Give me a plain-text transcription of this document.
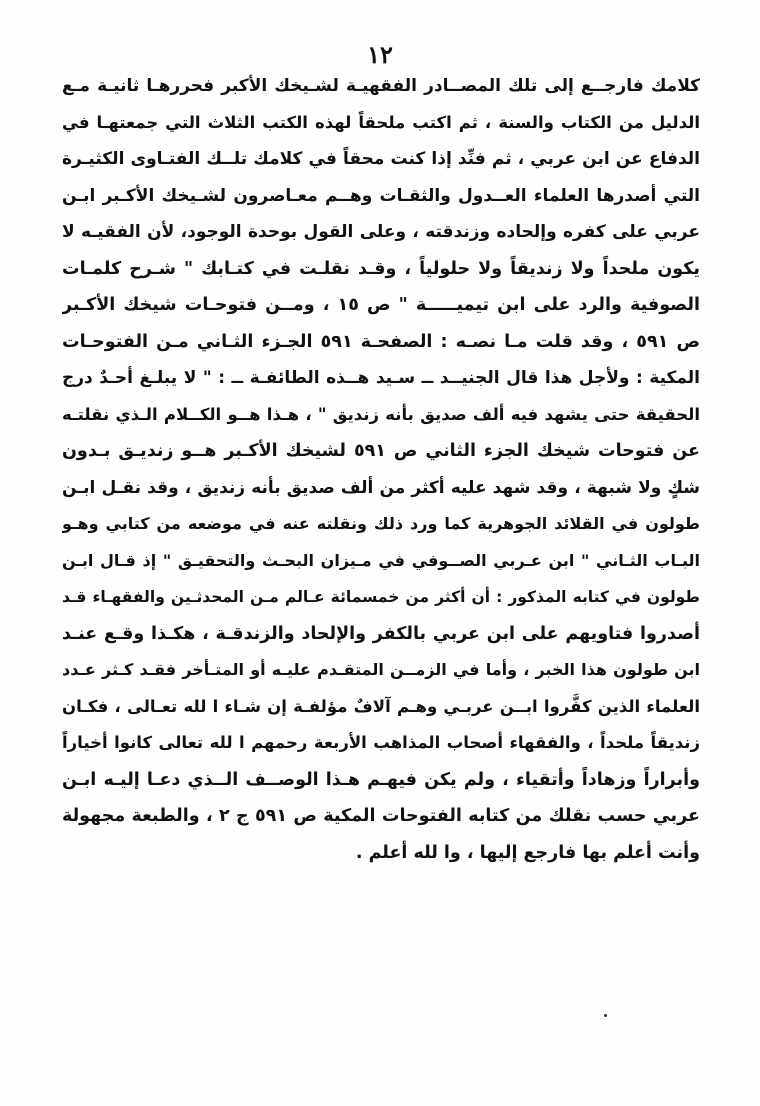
١٢
كلامك فارجــع إلى تلك المصــادر الفقهيـة لشـيخك الأكبر فحررهـا ثانيـة مـع
الدليل من الكتاب والسنة ، ثم اكتب ملحقاً لهذه الكتب الثلاث التي جمعتهـا في
الدفاع عن ابن عربي ، ثم فنِّد إذا كنت محقاً في كلامك تلــك الفتـاوى الكثيـرة
التي أصدرها العلماء العــدول والثقـات وهــم معـاصرون لشـيخك الأكـبر ابـن
عربي على كفره وإلحاده وزندقته ، وعلى القول بوحدة الوجود، لأن الفقيـه لا
يكون ملحداً ولا زنديقاً ولا حلولياً ، وقـد نقلـت في كتـابك " شـرح كلمـات
الصوفية والرد على ابن تيميـــــة " ص ١٥ ، ومــن فتوحـات شيخك الأكـبر
ص ٥٩١ ، وقد قلت مـا نصـه : الصفحـة ٥٩١ الجـزء الثـاني مـن الفتوحـات
المكية : ولأجل هذا قال الجنيــد ــ سـيد هــذه الطائفـة ــ : " لا يبلـغ أحـدٌ درج
الحقيقة حتى يشهد فيه ألف صديق بأنه زنديق " ، هـذا هــو الكــلام الـذي نقلتـه
عن فتوحات شيخك الجزء الثاني ص ٥٩١ لشيخك الأكـبر هــو زنديـق بـدون
شكٍ ولا شبهة ، وقد شهد عليه أكثر من ألف صديق بأنه زنديق ، وقد نقـل ابـن
طولون في القلائد الجوهرية كما ورد ذلك ونقلته عنه في موضعه من كتابي وهـو
البـاب الثـاني " ابن عـربي الصــوفي في مـيزان البحـث والتحقيـق " إذ قـال ابـن
طولون في كتابه المذكور : أن أكثر من خمسمائة عـالم مـن المحدثـين والفقهـاء قـد
أصدروا فتاويهم على ابن عربي بالكفر والإلحاد والزندقـة ، هكـذا وقـع عنـد
ابن طولون هذا الخبر ، وأما في الزمــن المتقـدم عليـه أو المتـأخر فقـد كـثر عـدد
العلماء الذين كفَّروا ابــن عربـي وهـم آلافٌ مؤلفـة إن شـاء ا لله تعـالى ، فكـان
زنديقاً ملحداً ، والفقهاء أصحاب المذاهب الأربعة رحمهم ا لله تعالى كانوا أخياراً
وأبراراً وزهاداً وأتقياء ، ولم يكن فيهـم هـذا الوصــف الــذي دعـا إليـه ابـن
عربي حسب نقلك من كتابه الفتوحات المكية ص ٥٩١ ج ٢ ، والطبعة مجهولة
وأنت أعلم بها فارجع إليها ، وا لله أعلم .
